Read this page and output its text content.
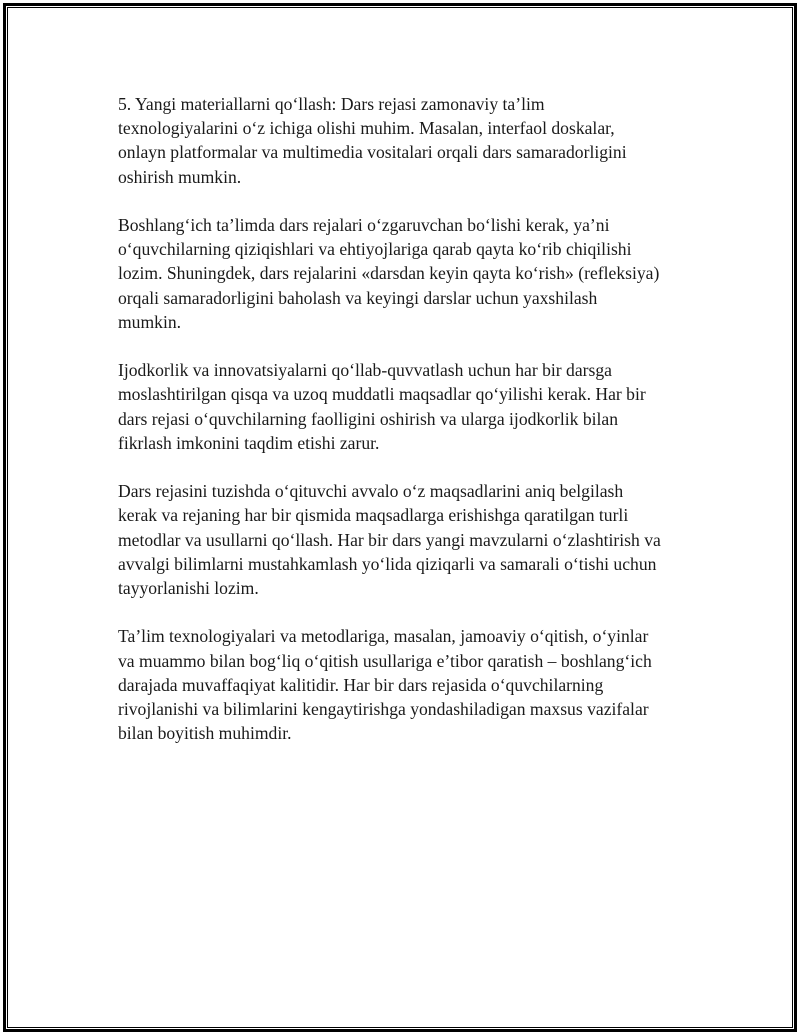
5. Yangi materiallarni qo‘llash: Dars rejasi zamonaviy ta’lim
texnologiyalarini o‘z ichiga olishi muhim. Masalan, interfaol doskalar,
onlayn platformalar va multimedia vositalari orqali dars samaradorligini
oshirish mumkin.

Boshlang‘ich ta’limda dars rejalari o‘zgaruvchan bo‘lishi kerak, ya’ni
o‘quvchilarning qiziqishlari va ehtiyojlariga qarab qayta ko‘rib chiqilishi
lozim. Shuningdek, dars rejalarini «darsdan keyin qayta ko‘rish» (refleksiya)
orqali samaradorligini baholash va keyingi darslar uchun yaxshilash
mumkin.

Ijodkorlik va innovatsiyalarni qo‘llab-quvvatlash uchun har bir darsga
moslashtirilgan qisqa va uzoq muddatli maqsadlar qo‘yilishi kerak. Har bir
dars rejasi o‘quvchilarning faolligini oshirish va ularga ijodkorlik bilan
fikrlash imkonini taqdim etishi zarur.

Dars rejasini tuzishda o‘qituvchi avvalo o‘z maqsadlarini aniq belgilash
kerak va rejaning har bir qismida maqsadlarga erishishga qaratilgan turli
metodlar va usullarni qo‘llash. Har bir dars yangi mavzularni o‘zlashtirish va
avvalgi bilimlarni mustahkamlash yo‘lida qiziqarli va samarali o‘tishi uchun
tayyorlanishi lozim.

Ta’lim texnologiyalari va metodlariga, masalan, jamoaviy o‘qitish, o‘yinlar
va muammo bilan bog‘liq o‘qitish usullariga e’tibor qaratish – boshlang‘ich
darajada muvaffaqiyat kalitidir. Har bir dars rejasida o‘quvchilarning
rivojlanishi va bilimlarini kengaytirishga yondashiladigan maxsus vazifalar
bilan boyitish muhimdir.
